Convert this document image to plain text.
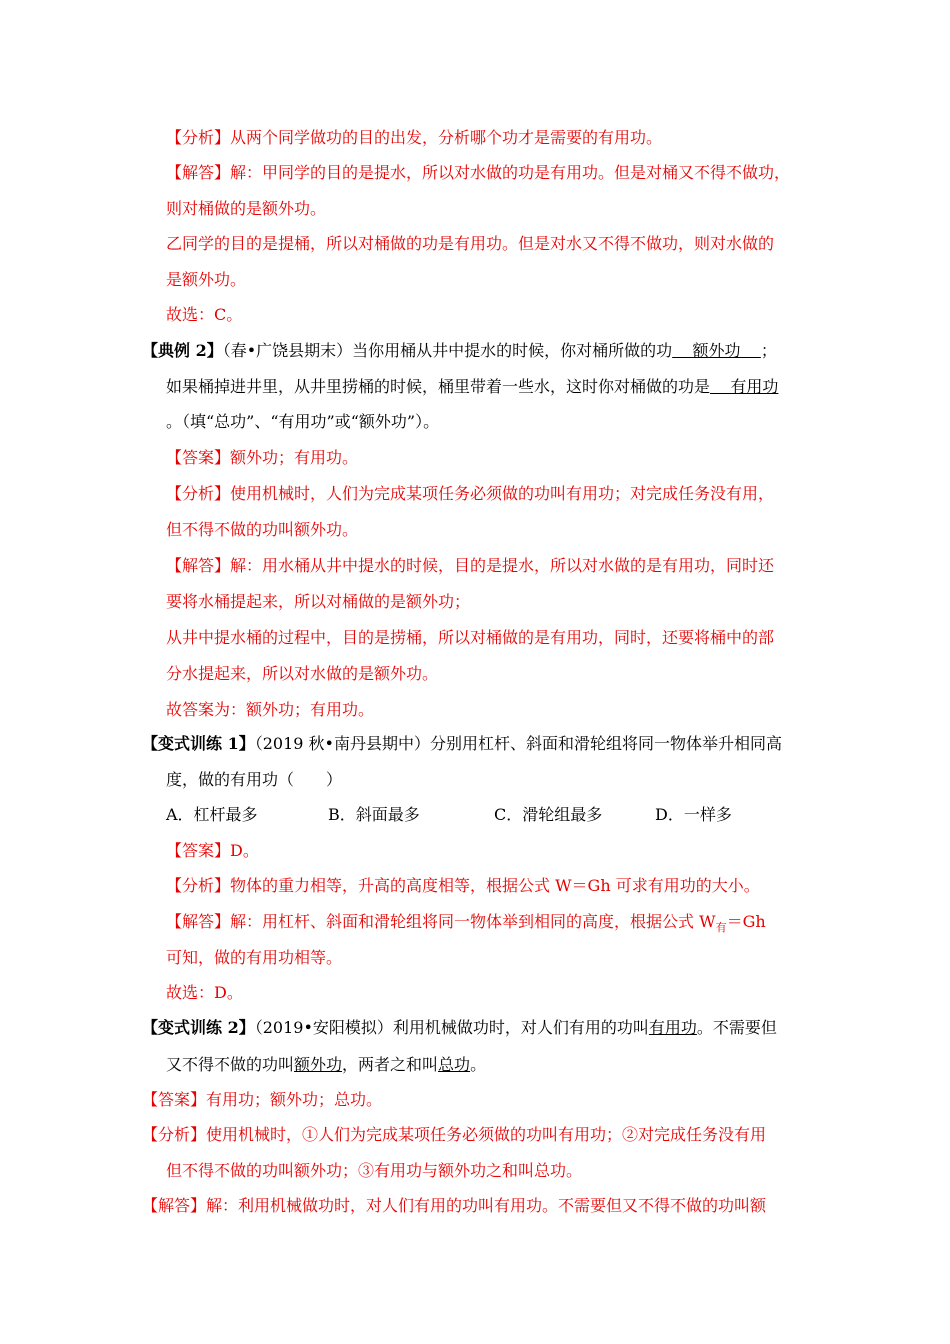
【分析】从两个同学做功的目的出发，分析哪个功才是需要的有用功。
【解答】解：甲同学的目的是提水，所以对水做的功是有用功。但是对桶又不得不做功，
则对桶做的是额外功。
乙同学的目的是提桶，所以对桶做的功是有用功。但是对水又不得不做功，则对水做的
是额外功。
故选：C。
【典例 2】（春•广饶县期末）当你用桶从井中提水的时候，你对桶所做的功    额外功    ；
如果桶掉进井里，从井里捞桶的时候，桶里带着一些水，这时你对桶做的功是    有用功
。（填“总功”、“有用功”或“额外功”）。
【答案】额外功；有用功。
【分析】使用机械时，人们为完成某项任务必须做的功叫有用功；对完成任务没有用，
但不得不做的功叫额外功。
【解答】解：用水桶从井中提水的时候，目的是提水，所以对水做的是有用功，同时还
要将水桶提起来，所以对桶做的是额外功；
从井中提水桶的过程中，目的是捞桶，所以对桶做的是有用功，同时，还要将桶中的部
分水提起来，所以对水做的是额外功。
故答案为：额外功；有用功。
【变式训练 1】（2019 秋•南丹县期中）分别用杠杆、斜面和滑轮组将同一物体举升相同高
度，做的有用功（　　）
A．杠杆最多	B．斜面最多	C．滑轮组最多	D．一样多
【答案】D。
【分析】物体的重力相等，升高的高度相等，根据公式 W＝Gh 可求有用功的大小。
【解答】解：用杠杆、斜面和滑轮组将同一物体举到相同的高度，根据公式 $W_有=Gh$
可知，做的有用功相等。
故选：D。
【变式训练 2】（2019•安阳模拟）利用机械做功时，对人们有用的功叫有用功。不需要但
又不得不做的功叫额外功，两者之和叫总功。
【答案】有用功；额外功；总功。
【分析】使用机械时，①人们为完成某项任务必须做的功叫有用功；②对完成任务没有用
但不得不做的功叫额外功；③有用功与额外功之和叫总功。
【解答】解：利用机械做功时，对人们有用的功叫有用功。不需要但又不得不做的功叫额
